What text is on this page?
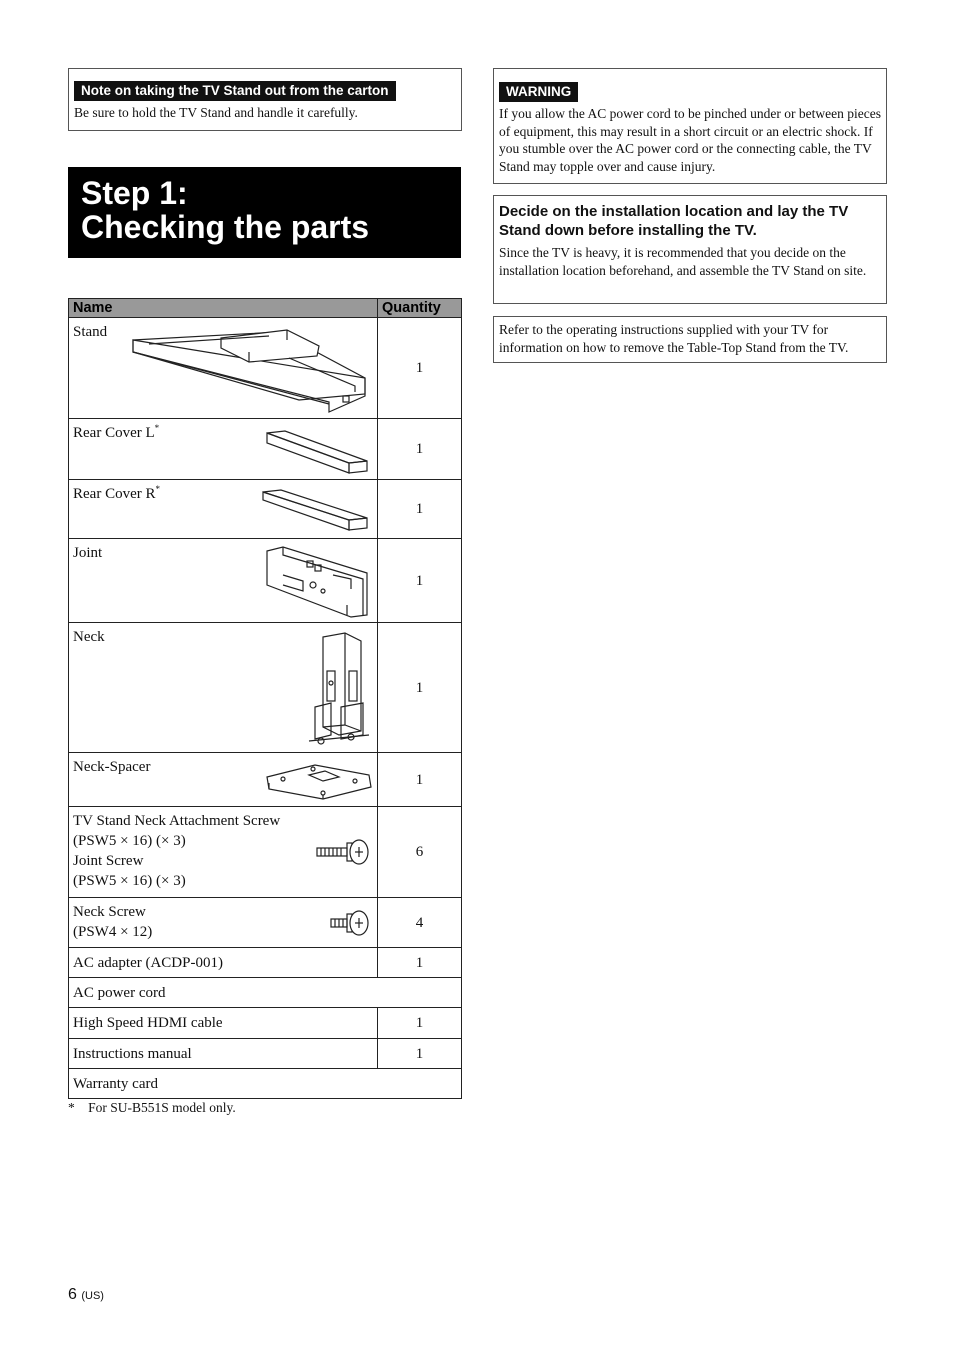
Note on taking the TV Stand out from the carton

Be sure to hold the TV Stand and handle it carefully.

Step 1:
Checking the parts
Name	Quantity

Stand	1

Rear Cover L*	1

Rear Cover R*	1

Joint	1

Neck	1

Neck-Spacer	1

TV Stand Neck Attachment Screw
(PSW5 × 16) (× 3)
Joint Screw
(PSW5 × 16) (× 3)	6

Neck Screw
(PSW4 × 12)	4

AC adapter (ACDP-001)	1

AC power cord	

High Speed HDMI cable	1

Instructions manual	1

Warranty card	
* For SU-B551S model only.
WARNING

If you allow the AC power cord to be pinched under or between pieces of equipment, this may result in a short circuit or an electric shock. If you stumble over the AC power cord or the connecting cable, the TV Stand may topple over and cause injury.

Decide on the installation location and lay the TV Stand down before installing the TV.

Since the TV is heavy, it is recommended that you decide on the installation location beforehand, and assemble the TV Stand on site.

Refer to the operating instructions supplied with your TV for information on how to remove the Table-Top Stand from the TV.

6 (US)
